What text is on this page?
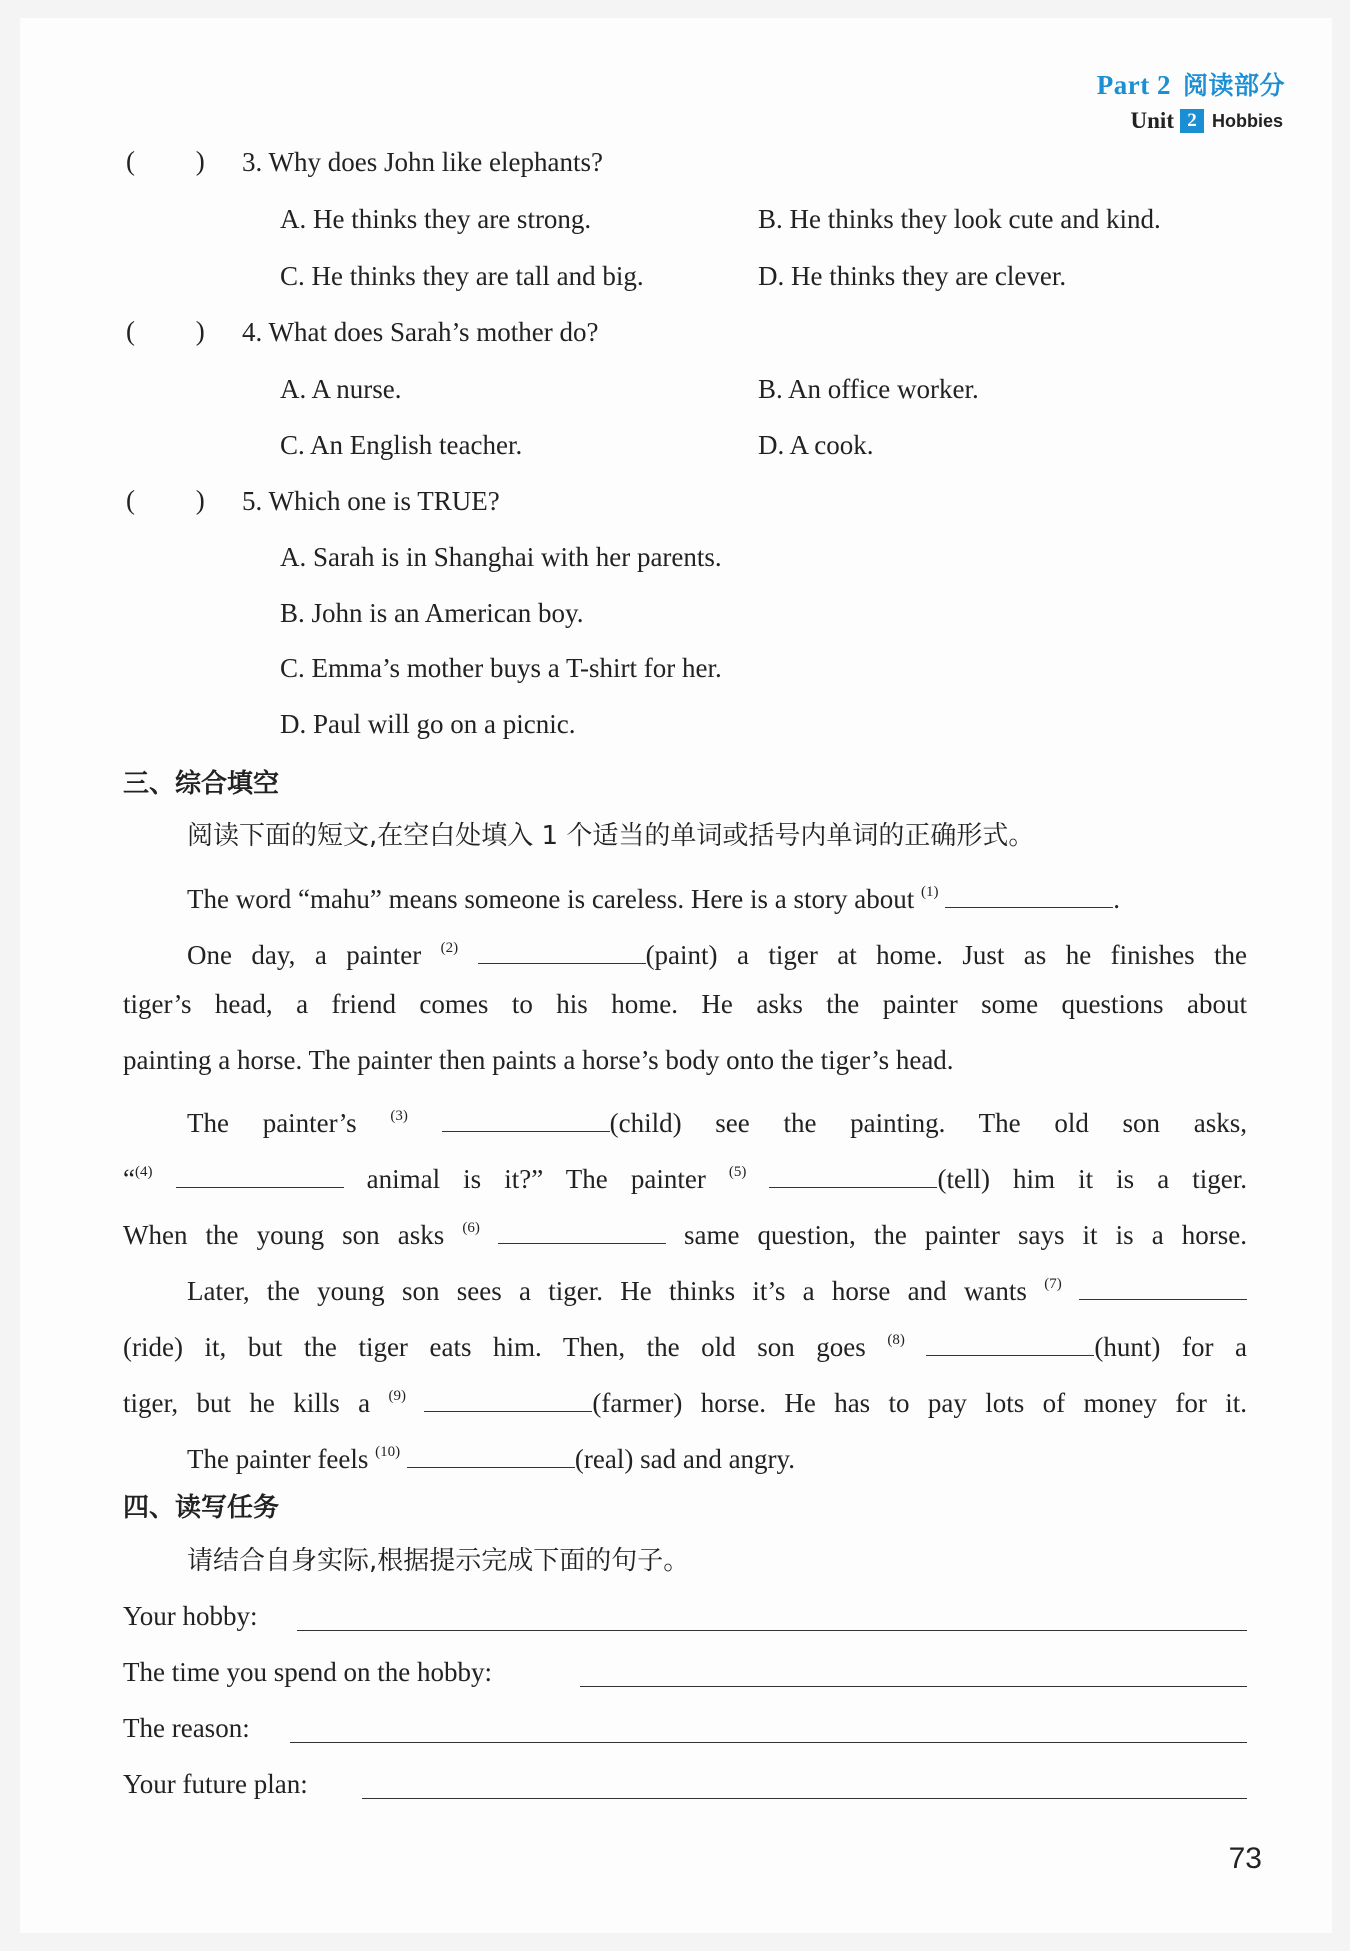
Part 2 阅读部分
Unit 2 Hobbies
(         ) 3. Why does John like elephants?
A. He thinks they are strong.	B. He thinks they look cute and kind.
C. He thinks they are tall and big.	D. He thinks they are clever.
(         ) 4. What does Sarah’s mother do?
A. A nurse.	B. An office worker.
C. An English teacher.	D. A cook.
(         ) 5. Which one is TRUE?
A. Sarah is in Shanghai with her parents.
B. John is an American boy.
C. Emma’s mother buys a T-shirt for her.
D. Paul will go on a picnic.
三、综合填空
阅读下面的短文,在空白处填入 1 个适当的单词或括号内单词的正确形式。
The word “mahu” means someone is careless. Here is a story about $^{(1)}$	.
One day, a painter $^{(2)}$	(paint) a tiger at home. Just as he finishes the
tiger’s head, a friend comes to his home. He asks the painter some questions about
painting a horse. The painter then paints a horse’s body onto the tiger’s head.
The painter’s $^{(3)}$	(child) see the painting. The old son asks,
“$^{(4)}$	animal is it?” The painter $^{(5)}$	(tell) him it is a tiger.
When the young son asks $^{(6)}$	same question, the painter says it is a horse.
Later, the young son sees a tiger. He thinks it’s a horse and wants $^{(7)}$
(ride) it, but the tiger eats him. Then, the old son goes $^{(8)}$	(hunt) for a
tiger, but he kills a $^{(9)}$	(farmer) horse. He has to pay lots of money for it.
The painter feels $^{(10)}$	(real) sad and angry.
四、读写任务
请结合自身实际,根据提示完成下面的句子。
Your hobby:
The time you spend on the hobby:
The reason:
Your future plan:
73
